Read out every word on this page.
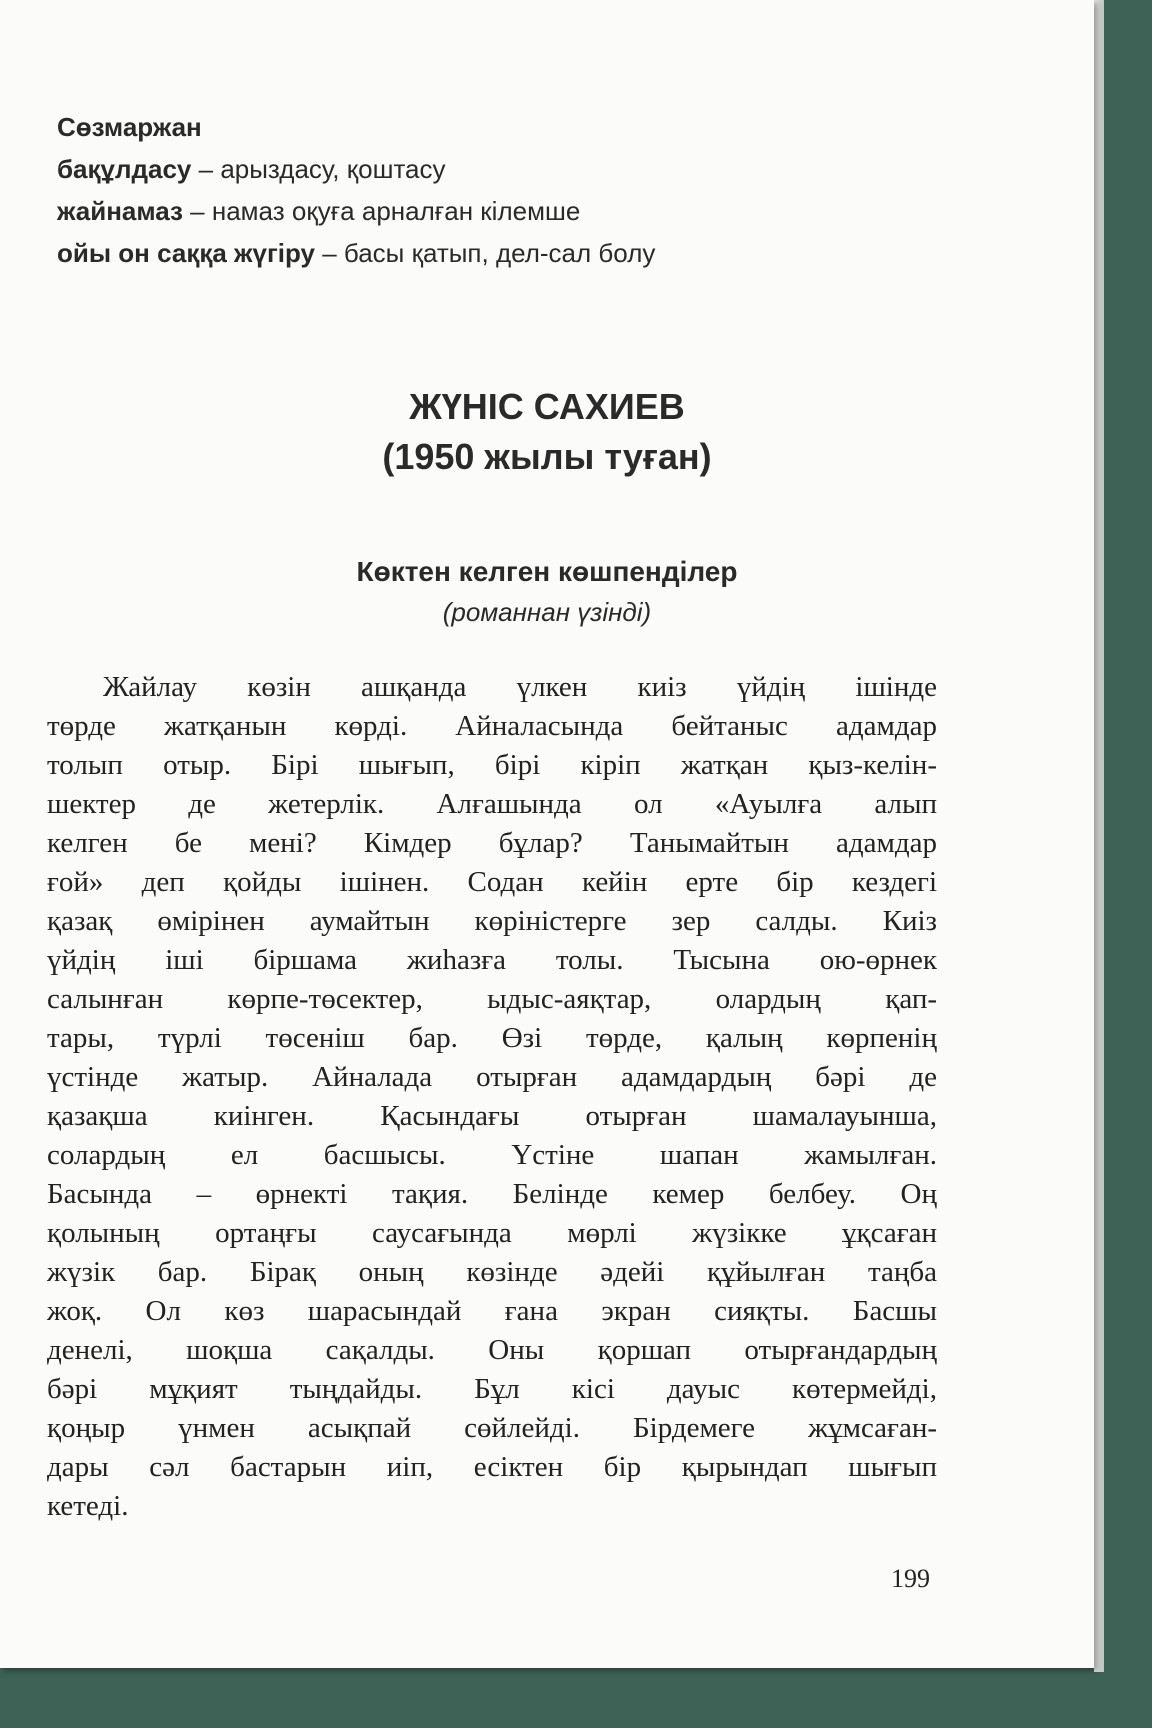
Сөзмаржан
бақұлдасу – арыздасу, қоштасу
жайнамаз – намаз оқуға арналған кілемше
ойы он саққа жүгіру – басы қатып, дел-сал болу
ЖҮНІС САХИЕВ
(1950 жылы туған)
Көктен келген көшпенділер
(романнан үзінді)
Жайлау көзін ашқанда үлкен киіз үйдің ішінде
төрде жатқанын көрді. Айналасында бейтаныс адамдар
толып отыр. Бірі шығып, бірі кіріп жатқан қыз-келін-
шектер де жетерлік. Алғашында ол «Ауылға алып
келген бе мені? Кімдер бұлар? Танымайтын адамдар
ғой» деп қойды ішінен. Содан кейін ерте бір кездегі
қазақ өмірінен аумайтын көріністерге зер салды. Киіз
үйдің іші біршама жиһазға толы. Тысына ою-өрнек
салынған көрпе-төсектер, ыдыс-аяқтар, олардың қап-
тары, түрлі төсеніш бар. Өзі төрде, қалың көрпенің
үстінде жатыр. Айналада отырған адамдардың бәрі де
қазақша киінген. Қасындағы отырған шамалауынша,
солардың ел басшысы. Үстіне шапан жамылған.
Басында – өрнекті тақия. Белінде кемер белбеу. Оң
қолының ортаңғы саусағында мөрлі жүзікке ұқсаған
жүзік бар. Бірақ оның көзінде әдейі құйылған таңба
жоқ. Ол көз шарасындай ғана экран сияқты. Басшы
денелі, шоқша сақалды. Оны қоршап отырғандардың
бәрі мұқият тыңдайды. Бұл кісі дауыс көтермейді,
қоңыр үнмен асықпай сөйлейді. Бірдемеге жұмсаған-
дары сәл бастарын иіп, есіктен бір қырындап шығып
кетеді.
199
